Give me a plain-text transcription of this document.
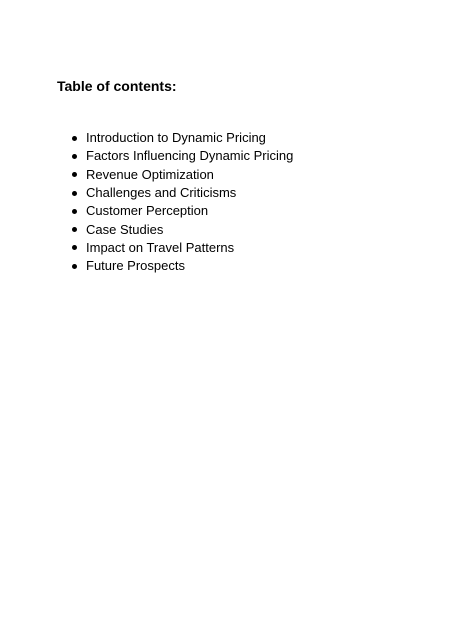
Table of contents:
Introduction to Dynamic Pricing
Factors Influencing Dynamic Pricing
Revenue Optimization
Challenges and Criticisms
Customer Perception
Case Studies
Impact on Travel Patterns
Future Prospects
